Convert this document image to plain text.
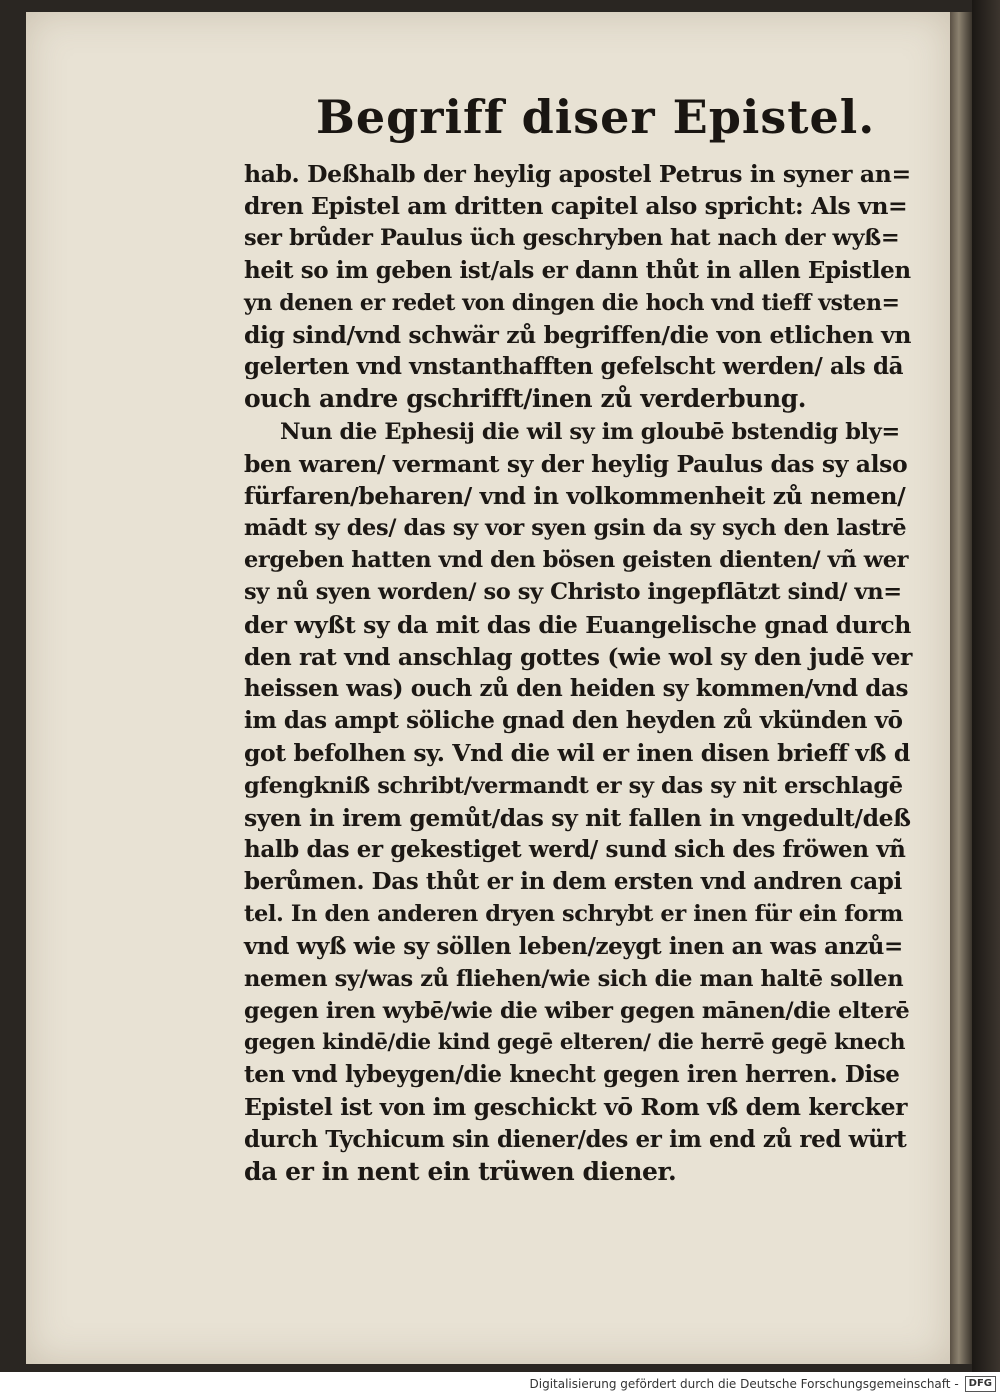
Begriff diser Epistel.
hab. Deßhalb der heylig apostel Petrus in syner an=
dren Epistel am dritten capitel also spricht: Als vn=
ser brůder Paulus üch geschryben hat nach der wyß=
heit so im geben ist/als er dann thůt in allen Epistlen
yn denen er redet von dingen die hoch vnd tieff vsten=
dig sind/vnd schwär zů begriffen/die von etlichen vn
gelerten vnd vnstanthafften gefelscht werden/ als dā
ouch andre gschrifft/inen zů verderbung.
Nun die Ephesij die wil sy im gloubē bstendig bly=
ben waren/ vermant sy der heylig Paulus das sy also
fürfaren/beharen/ vnd in volkommenheit zů nemen/
mādt sy des/ das sy vor syen gsin da sy sych den lastrē
ergeben hatten vnd den bösen geisten dienten/ vñ wer
sy nů syen worden/ so sy Christo ingepflātzt sind/ vn=
der wyßt sy da mit das die Euangelische gnad durch
den rat vnd anschlag gottes (wie wol sy den judē ver
heissen was) ouch zů den heiden sy kommen/vnd das
im das ampt söliche gnad den heyden zů vkünden vō
got befolhen sy. Vnd die wil er inen disen brieff vß d
gfengkniß schribt/vermandt er sy das sy nit erschlagē
syen in irem gemůt/das sy nit fallen in vngedult/deß
halb das er gekestiget werd/ sund sich des fröwen vñ
berůmen. Das thůt er in dem ersten vnd andren capi
tel. In den anderen dryen schrybt er inen für ein form
vnd wyß wie sy söllen leben/zeygt inen an was anzů=
nemen sy/was zů fliehen/wie sich die man haltē sollen
gegen iren wybē/wie die wiber gegen mānen/die elterē
gegen kindē/die kind gegē elteren/ die herrē gegē knech
ten vnd lybeygen/die knecht gegen iren herren. Dise
Epistel ist von im geschickt vō Rom vß dem kercker
durch Tychicum sin diener/des er im end zů red würt
da er in nent ein trüwen diener.
Digitalisierung gefördert durch die Deutsche Forschungsgemeinschaft -	DFG
